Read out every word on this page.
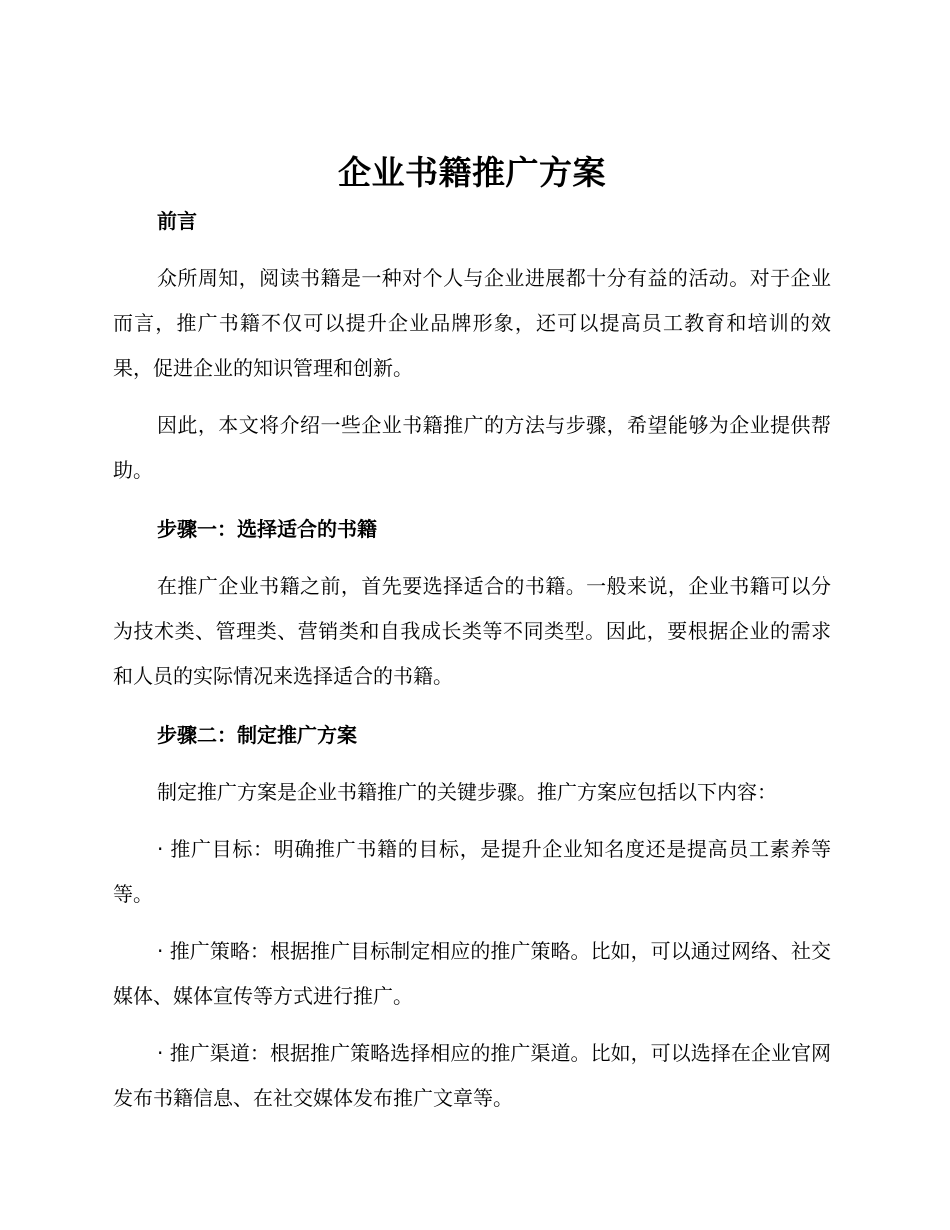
企业书籍推广方案
前言

众所周知，阅读书籍是一种对个人与企业进展都十分有益的活动。对于企业而言，推广书籍不仅可以提升企业品牌形象，还可以提高员工教育和培训的效果，促进企业的知识管理和创新。

因此，本文将介绍一些企业书籍推广的方法与步骤，希望能够为企业提供帮助。

步骤一：选择适合的书籍

在推广企业书籍之前，首先要选择适合的书籍。一般来说，企业书籍可以分为技术类、管理类、营销类和自我成长类等不同类型。因此，要根据企业的需求和人员的实际情况来选择适合的书籍。

步骤二：制定推广方案

制定推广方案是企业书籍推广的关键步骤。推广方案应包括以下内容：

· 推广目标：明确推广书籍的目标，是提升企业知名度还是提高员工素养等等。

· 推广策略：根据推广目标制定相应的推广策略。比如，可以通过网络、社交媒体、媒体宣传等方式进行推广。

· 推广渠道：根据推广策略选择相应的推广渠道。比如，可以选择在企业官网发布书籍信息、在社交媒体发布推广文章等。
